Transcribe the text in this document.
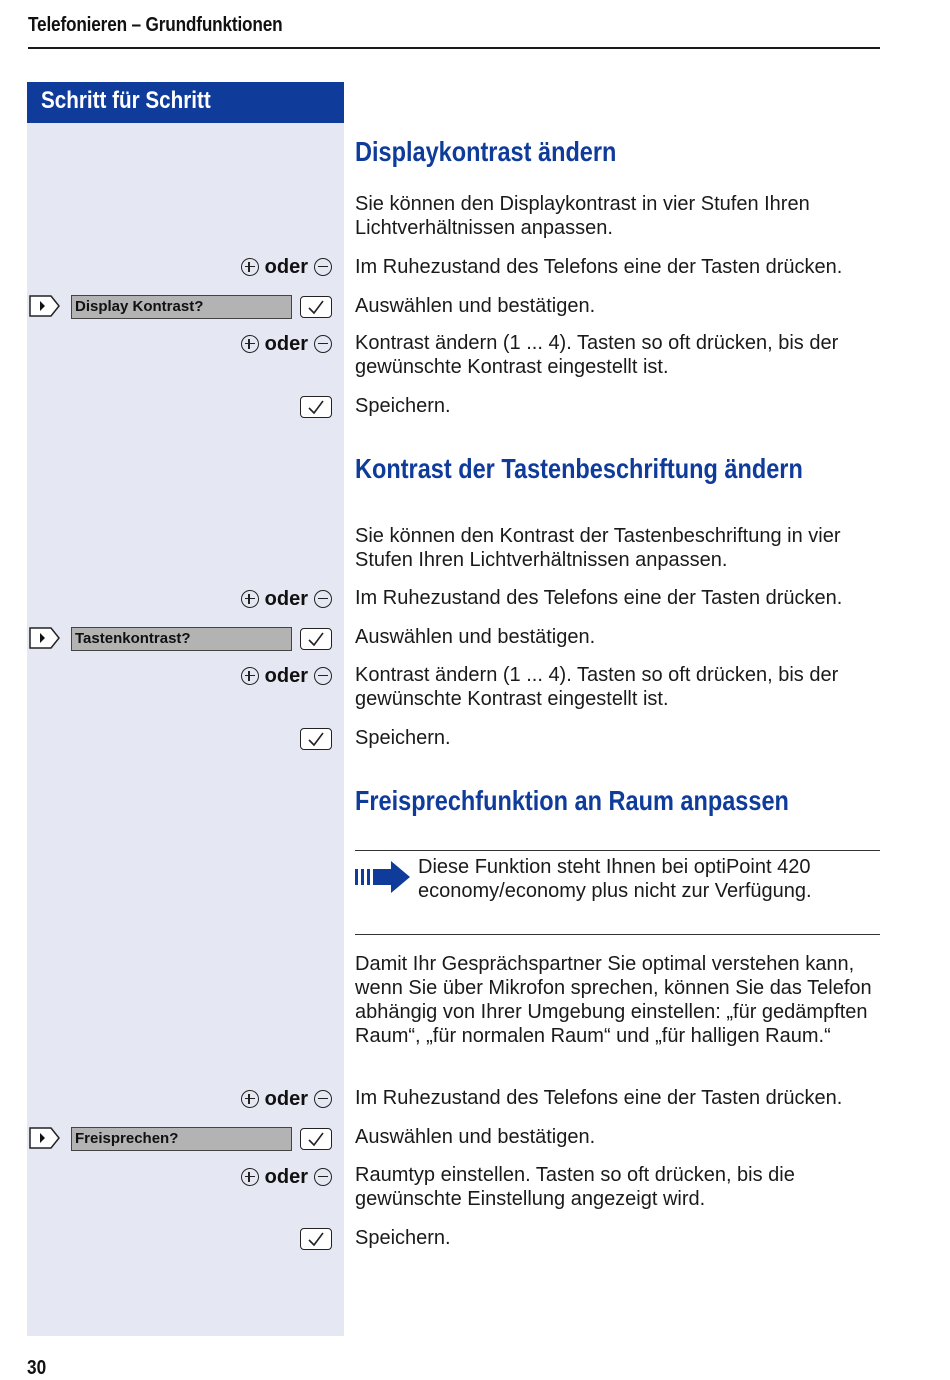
Telefonieren – Grundfunktionen
Schritt für Schritt
Displaykontrast ändern
Sie können den Displaykontrast in vier Stufen Ihren Lichtverhältnissen anpassen.
oder Im Ruhezustand des Telefons eine der Tasten drücken.
Display Kontrast?	Auswählen und bestätigen.
oder Kontrast ändern (1 ... 4). Tasten so oft drücken, bis der gewünschte Kontrast eingestellt ist.
Speichern.
Kontrast der Tastenbeschriftung ändern
Sie können den Kontrast der Tastenbeschriftung in vier Stufen Ihren Lichtverhältnissen anpassen.
oder Im Ruhezustand des Telefons eine der Tasten drücken.
Tastenkontrast?	Auswählen und bestätigen.
oder Kontrast ändern (1 ... 4). Tasten so oft drücken, bis der gewünschte Kontrast eingestellt ist.
Speichern.
Freisprechfunktion an Raum anpassen
Diese Funktion steht Ihnen bei optiPoint 420 economy/economy plus nicht zur Verfügung.
Damit Ihr Gesprächspartner Sie optimal verstehen kann, wenn Sie über Mikrofon sprechen, können Sie das Telefon abhängig von Ihrer Umgebung einstellen: „für gedämpften Raum“, „für normalen Raum“ und „für halligen Raum.“
oder Im Ruhezustand des Telefons eine der Tasten drücken.
Freisprechen?	Auswählen und bestätigen.
oder Raumtyp einstellen. Tasten so oft drücken, bis die gewünschte Einstellung angezeigt wird.
Speichern.
30
